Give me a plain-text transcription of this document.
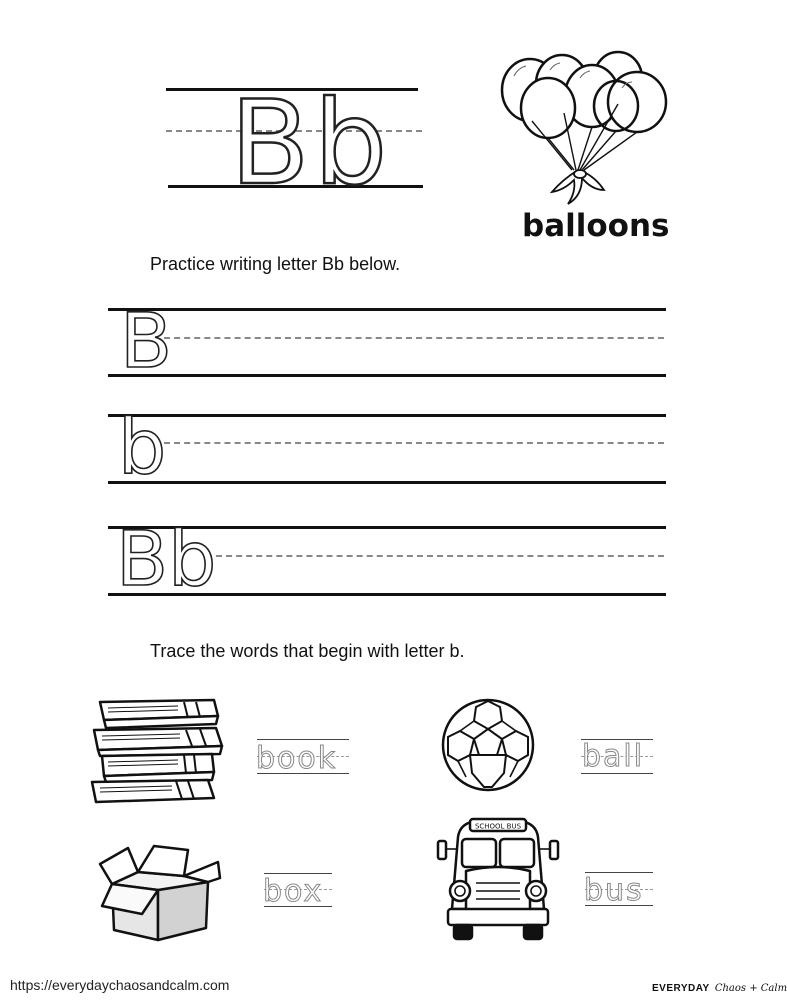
Bb
balloons
Practice writing letter Bb below.
B
b
Bb
Trace the words that begin with letter b.
book	ball
box
SCHOOL BUS
bus
https://everydaychaosandcalm.com	EVERYDAY Chaos + Calm
